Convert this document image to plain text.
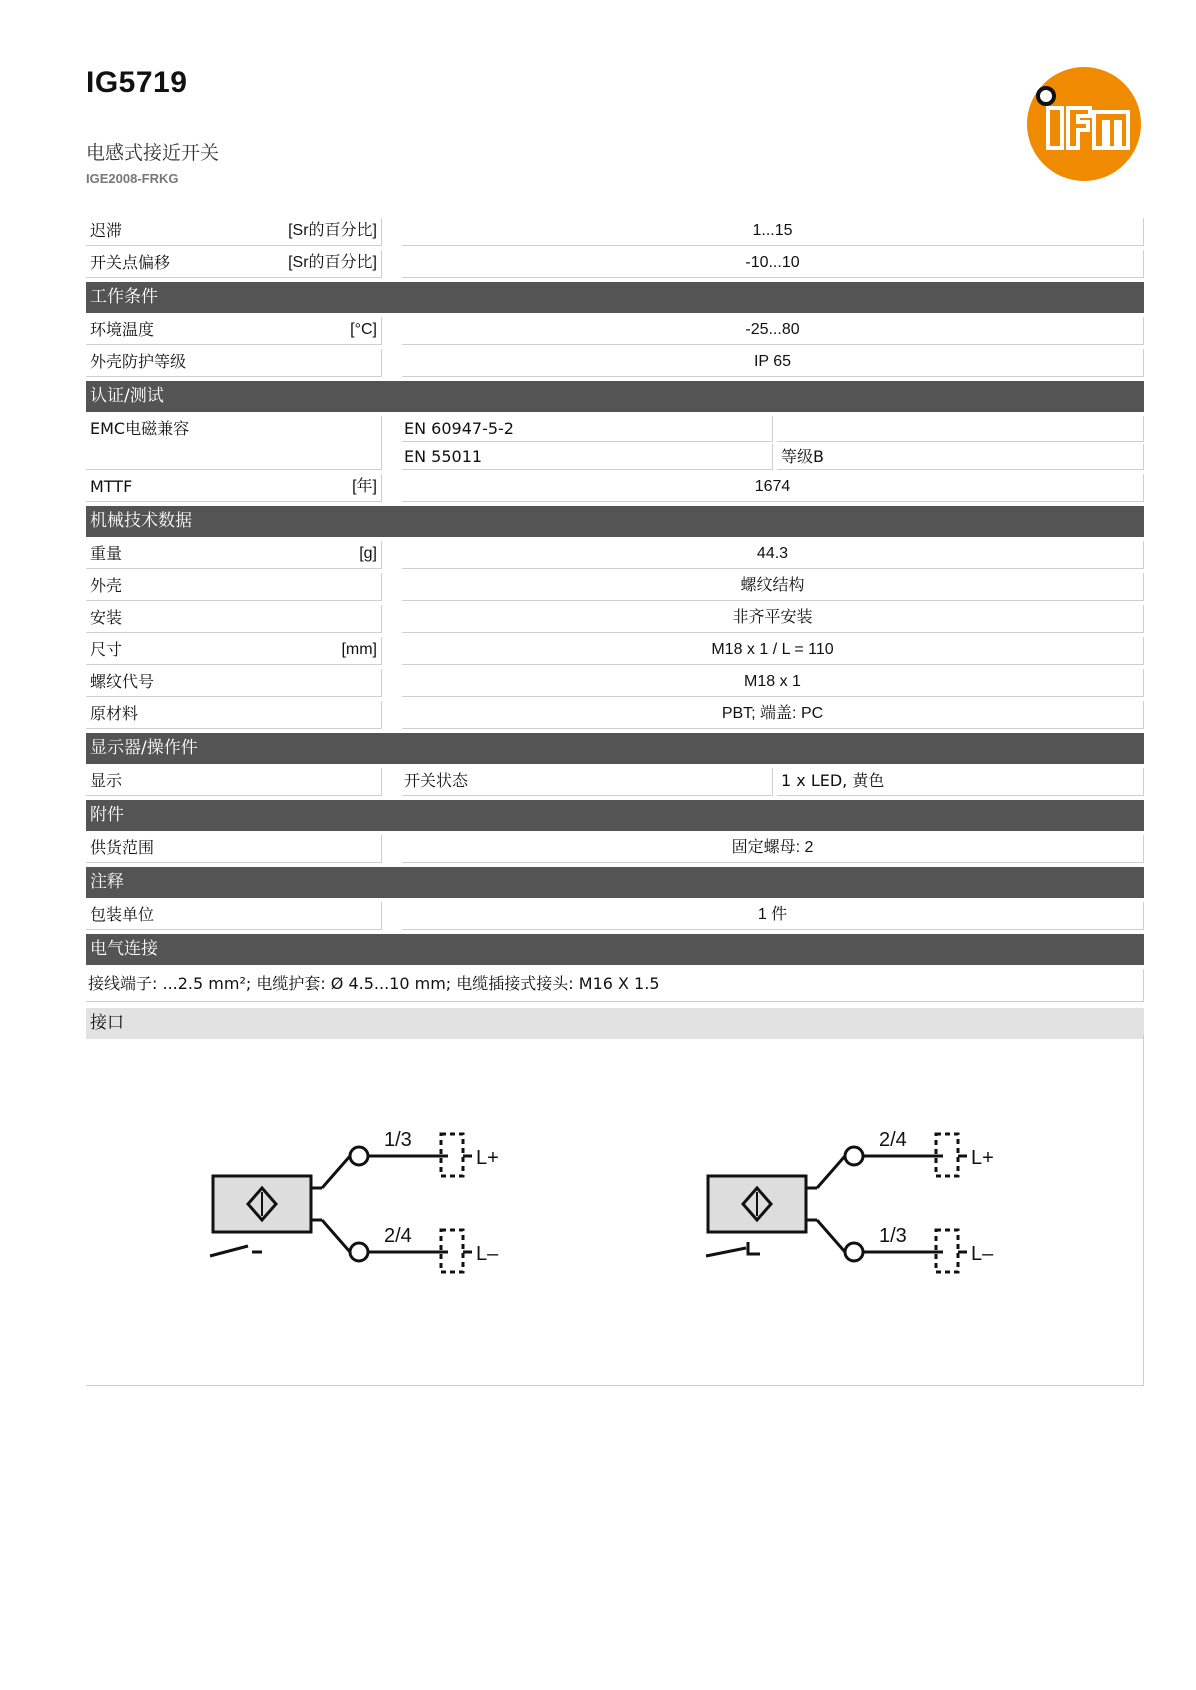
IG5719
电感式接近开关
IGE2008-FRKG
迟滞	[Sr的百分比]	1...15
开关点偏移	[Sr的百分比]	-10...10
工作条件
环境温度	[°C]	-25...80
外壳防护等级	IP 65
认证/测试
EMC电磁兼容	EN 60947-5-2
EN 55011	等级B
MTTF	[年]	1674
机械技术数据
重量	[g]	44.3
外壳	螺纹结构
安装	非齐平安装
尺寸	[mm]	M18 x 1 / L = 110
螺纹代号	M18 x 1
原材料	PBT; 端盖: PC
显示器/操作件
显示	开关状态	1 x LED, 黄色
附件
供货范围	固定螺母: 2
注释
包装单位	1 件
电气连接
接线端子: ...2.5 mm²; 电缆护套: Ø 4.5...10 mm; 电缆插接式接头: M16 X 1.5
接口
1/3
2/4
L+
L–
2/4
1/3
L+
L–
